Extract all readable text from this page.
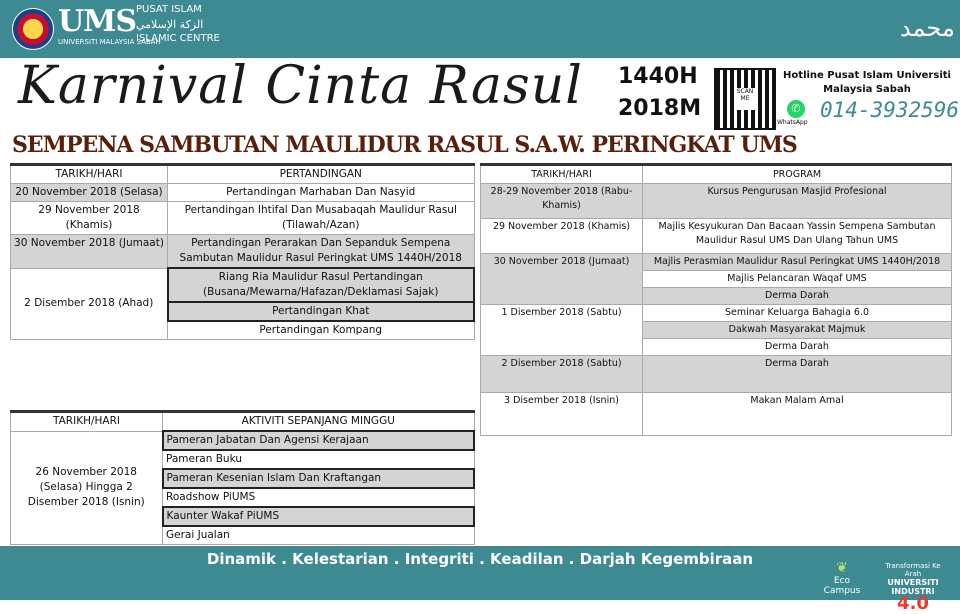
UMS
UNIVERSITI MALAYSIA SABAH
PUSAT ISLAM
الزكة الإسلامي
ISLAMIC CENTRE	محمد
Karnival Cinta Rasul 1440H
2018M
SCAN ME
Hotline Pusat Islam Universiti
Malaysia Sabah
✆
WhatsApp
014-3932596
SEMPENA SAMBUTAN MAULIDUR RASUL S.A.W. PERINGKAT UMS
TARIKH/HARI	PERTANDINGAN
20 November 2018 (Selasa)	Pertandingan Marhaban Dan Nasyid
29 November 2018 (Khamis)	Pertandingan Ihtifal Dan Musabaqah Maulidur Rasul (Tilawah/Azan)
30 November 2018 (Jumaat)	Pertandingan Perarakan Dan Sepanduk Sempena Sambutan Maulidur Rasul Peringkat UMS 1440H/2018
2 Disember 2018 (Ahad)	Riang Ria Maulidur Rasul Pertandingan (Busana/Mewarna/Hafazan/Deklamasi Sajak)
	Pertandingan Khat
	Pertandingan Kompang
TARIKH/HARI	AKTIVITI SEPANJANG MINGGU
26 November 2018 (Selasa) Hingga 2 Disember 2018 (Isnin)	Pameran Jabatan Dan Agensi Kerajaan
	Pameran Buku
	Pameran Kesenian Islam Dan Kraftangan
	Roadshow PiUMS
	Kaunter Wakaf PiUMS
	Gerai Jualan
TARIKH/HARI	PROGRAM
28-29 November 2018 (Rabu-Khamis)	Kursus Pengurusan Masjid Profesional
29 November 2018 (Khamis)	Majlis Kesyukuran Dan Bacaan Yassin Sempena Sambutan Maulidur Rasul UMS Dan Ulang Tahun UMS
30 November 2018 (Jumaat)	Majlis Perasmian Maulidur Rasul Peringkat UMS 1440H/2018
	Majlis Pelancaran Waqaf UMS
	Derma Darah
1 Disember 2018 (Sabtu)	Seminar Keluarga Bahagia 6.0
	Dakwah Masyarakat Majmuk
	Derma Darah
2 Disember 2018 (Sabtu)	Derma Darah
3 Disember 2018 (Isnin)	Makan Malam Amal
Dinamik . Kelestarian . Integriti . Keadilan . Darjah Kegembiraan	❦
Eco Campus
Transformasi Ke Arah
UNIVERSITI INDUSTRI
4.0
